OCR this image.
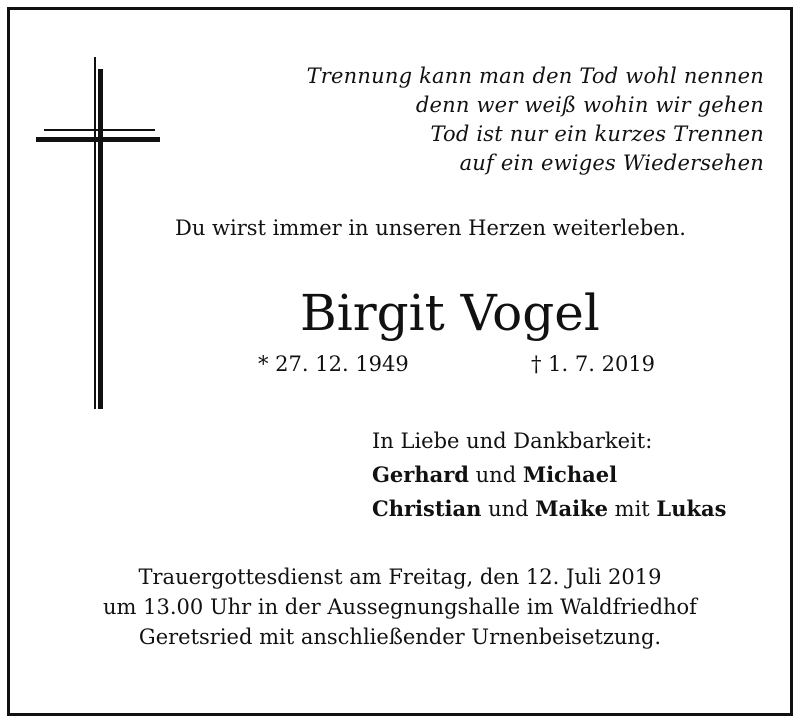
Trennung kann man den Tod wohl nennen
denn wer weiß wohin wir gehen
Tod ist nur ein kurzes Trennen
auf ein ewiges Wiedersehen
Du wirst immer in unseren Herzen weiterleben.
Birgit Vogel
* 27. 12. 1949	† 1. 7. 2019
In Liebe und Dankbarkeit:
Gerhard und Michael
Christian und Maike mit Lukas
Trauergottesdienst am Freitag, den 12. Juli 2019
um 13.00 Uhr in der Aussegnungshalle im Waldfriedhof
Geretsried mit anschließender Urnenbeisetzung.
